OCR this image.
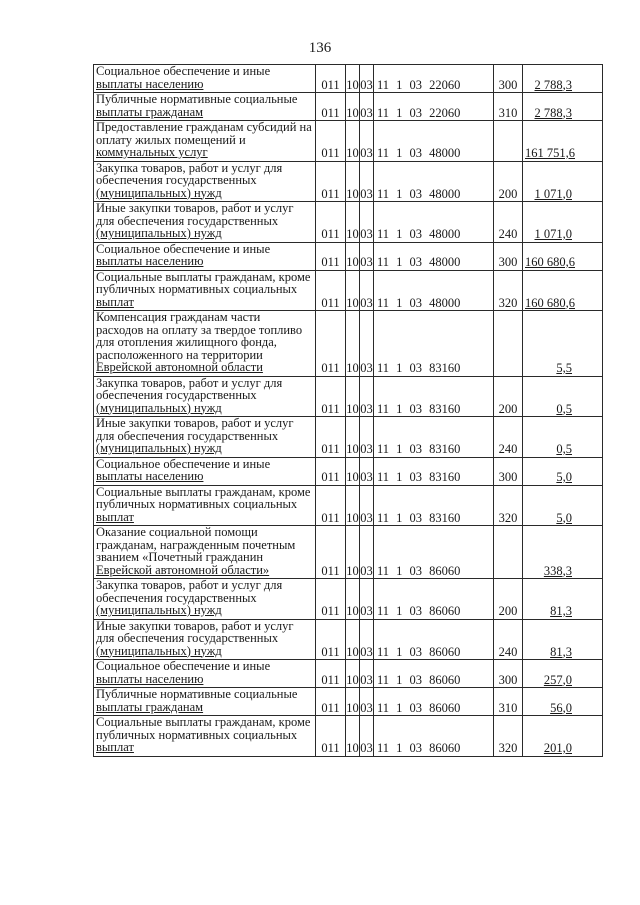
136
Социальное обеспечение и иные
выплаты населению	011	10	03	11 1 03 22060	300	2 788,3

Публичные нормативные социальные
выплаты гражданам	011	10	03	11 1 03 22060	310	2 788,3

Предоставление гражданам субсидий на
оплату жилых помещений и
коммунальных услуг	011	10	03	11 1 03 48000		161 751,6

Закупка товаров, работ и услуг для
обеспечения государственных
(муниципальных) нужд	011	10	03	11 1 03 48000	200	1 071,0

Иные закупки товаров, работ и услуг
для обеспечения государственных
(муниципальных) нужд	011	10	03	11 1 03 48000	240	1 071,0

Социальное обеспечение и иные
выплаты населению	011	10	03	11 1 03 48000	300	160 680,6

Социальные выплаты гражданам, кроме
публичных нормативных социальных
выплат	011	10	03	11 1 03 48000	320	160 680,6

Компенсация гражданам части
расходов на оплату за твердое топливо
для отопления жилищного фонда,
расположенного на территории
Еврейской автономной области	011	10	03	11 1 03 83160		5,5

Закупка товаров, работ и услуг для
обеспечения государственных
(муниципальных) нужд	011	10	03	11 1 03 83160	200	0,5

Иные закупки товаров, работ и услуг
для обеспечения государственных
(муниципальных) нужд	011	10	03	11 1 03 83160	240	0,5

Социальное обеспечение и иные
выплаты населению	011	10	03	11 1 03 83160	300	5,0

Социальные выплаты гражданам, кроме
публичных нормативных социальных
выплат	011	10	03	11 1 03 83160	320	5,0

Оказание социальной помощи
гражданам, награжденным почетным
званием «Почетный гражданин
Еврейской автономной области»	011	10	03	11 1 03 86060		338,3

Закупка товаров, работ и услуг для
обеспечения государственных
(муниципальных) нужд	011	10	03	11 1 03 86060	200	81,3

Иные закупки товаров, работ и услуг
для обеспечения государственных
(муниципальных) нужд	011	10	03	11 1 03 86060	240	81,3

Социальное обеспечение и иные
выплаты населению	011	10	03	11 1 03 86060	300	257,0

Публичные нормативные социальные
выплаты гражданам	011	10	03	11 1 03 86060	310	56,0

Социальные выплаты гражданам, кроме
публичных нормативных социальных
выплат	011	10	03	11 1 03 86060	320	201,0
